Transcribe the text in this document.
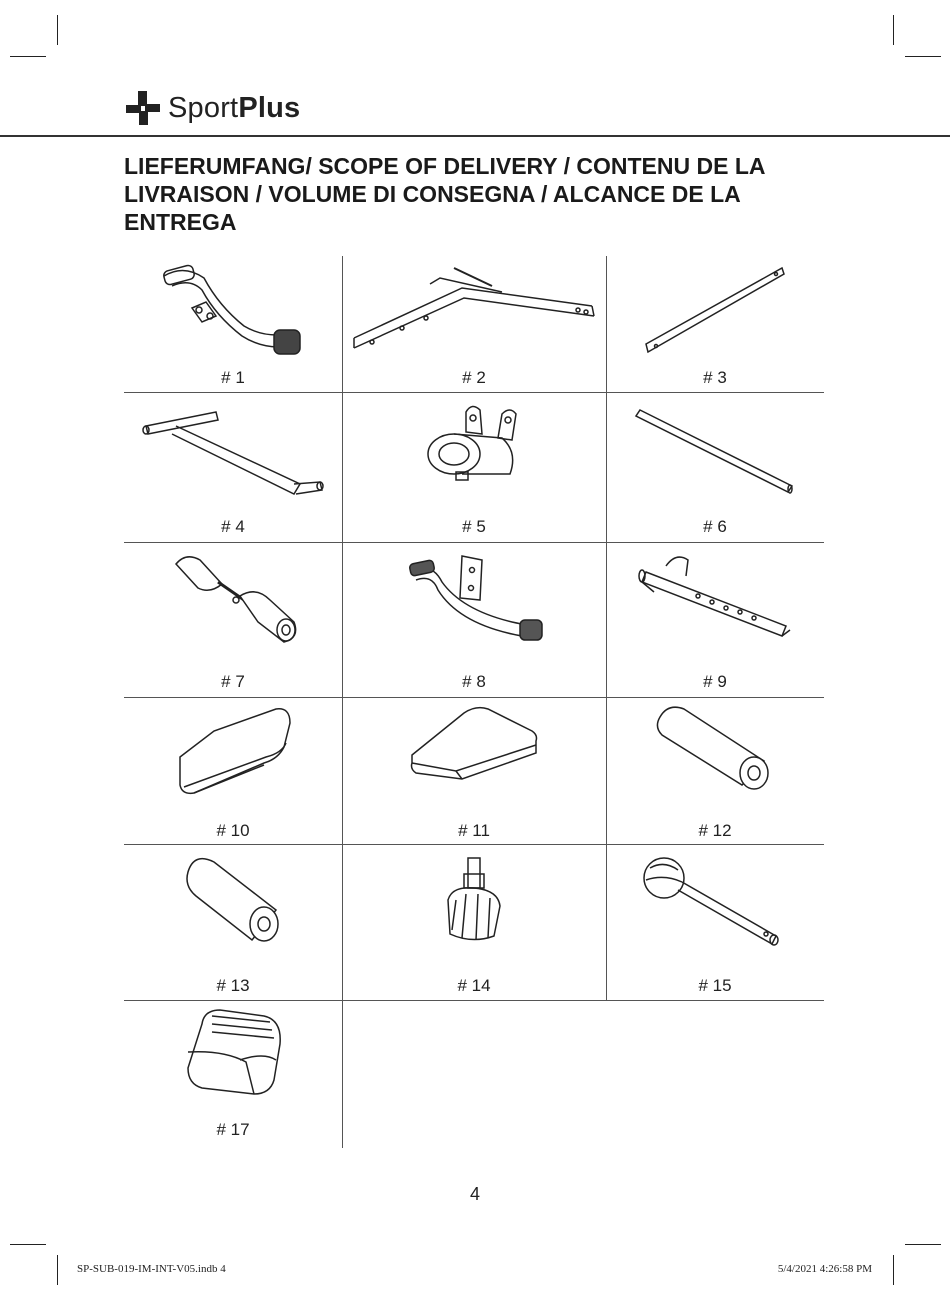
SportPlus
LIEFERUMFANG/ SCOPE OF DELIVERY / CONTENU DE LA LIVRAISON / VOLUME DI CONSEGNA / ALCANCE DE LA ENTREGA
# 1	# 2	# 3
# 4	# 5	# 6
# 7	# 8	# 9
# 10	# 11	# 12
# 13	# 14	# 15
# 17
4
SP-SUB-019-IM-INT-V05.indb 4	5/4/2021 4:26:58 PM
